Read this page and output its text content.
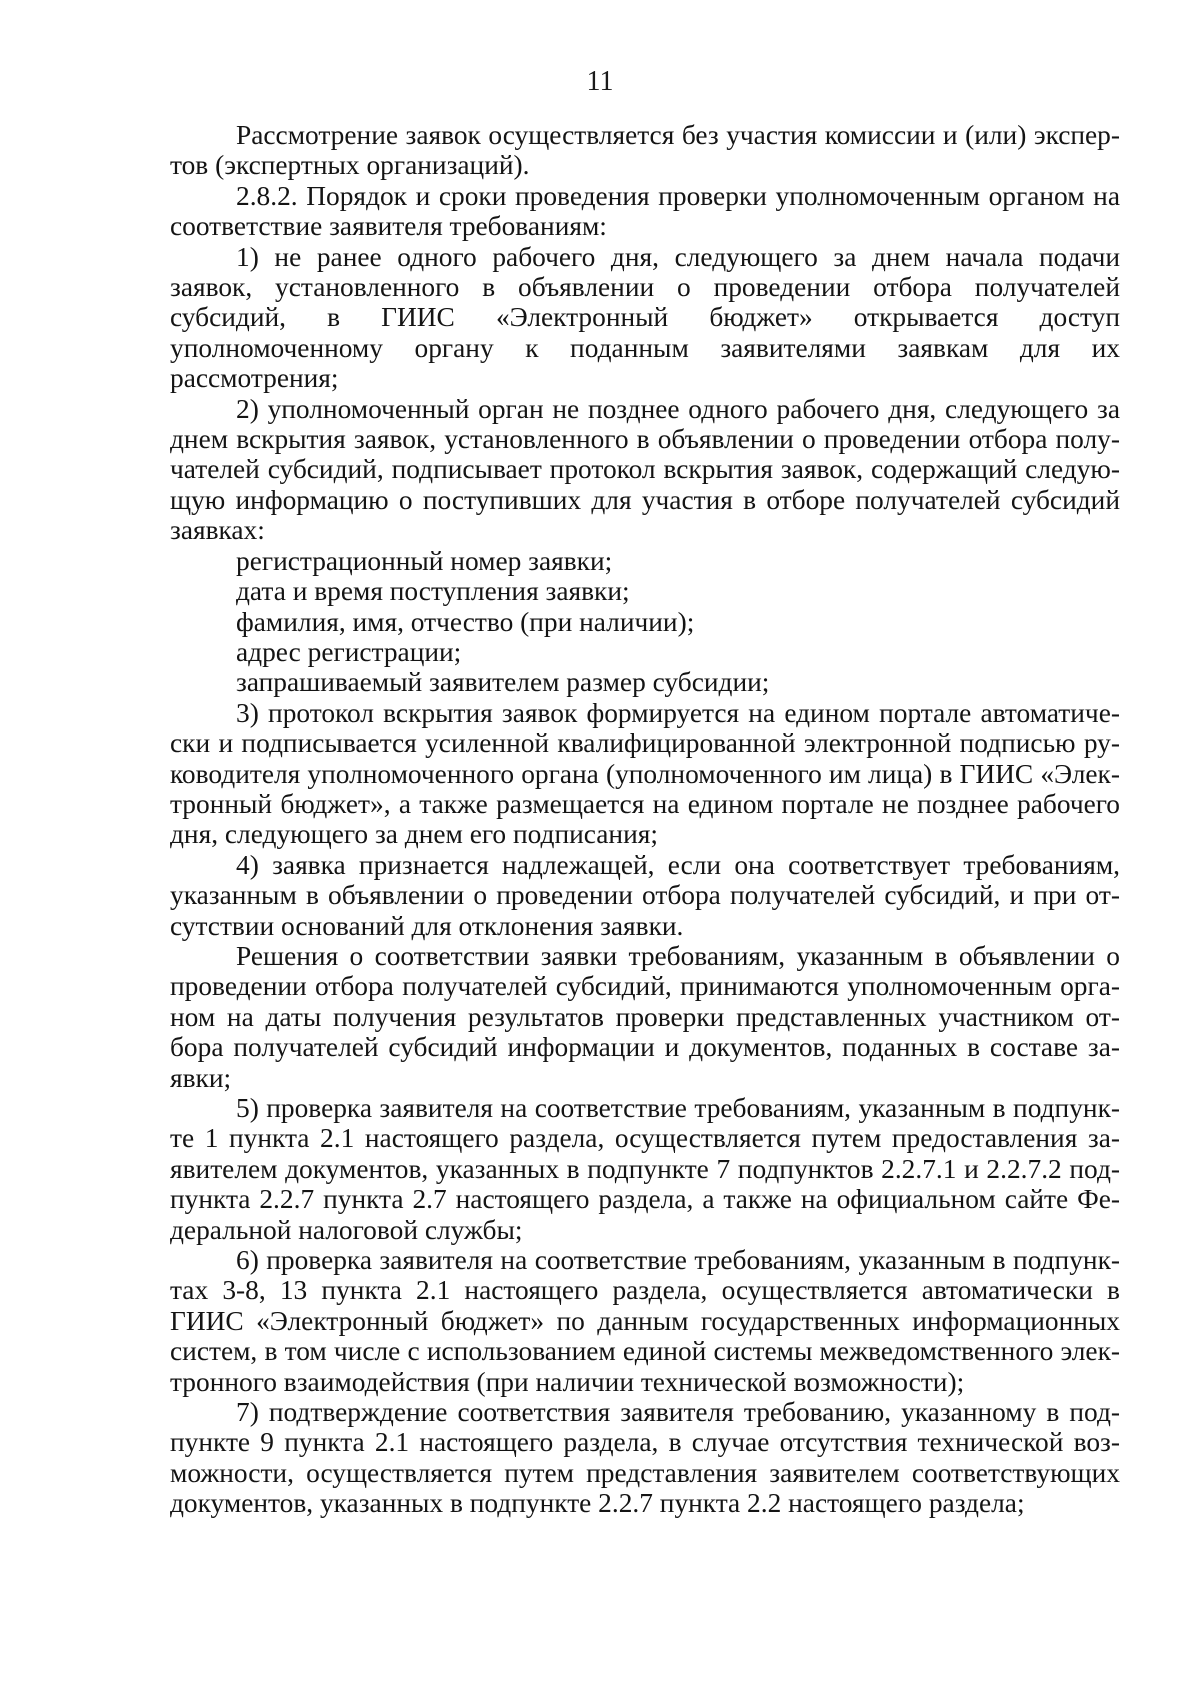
11

Рассмотрение заявок осуществляется без участия комиссии и (или) экспер-тов (экспертных организаций).

2.8.2. Порядок и сроки проведения проверки уполномоченным органом на соответствие заявителя требованиям:

1) не ранее одного рабочего дня, следующего за днем начала подачи заявок, установленного в объявлении о проведении отбора получателей субсидий, в ГИИС «Электронный бюджет» открывается доступ уполномоченному органу к поданным заявителями заявкам для их рассмотрения;

2) уполномоченный орган не позднее одного рабочего дня, следующего за днем вскрытия заявок, установленного в объявлении о проведении отбора полу-чателей субсидий, подписывает протокол вскрытия заявок, содержащий следую-щую информацию о поступивших для участия в отборе получателей субсидий заявках:

регистрационный номер заявки;

дата и время поступления заявки;

фамилия, имя, отчество (при наличии);

адрес регистрации;

запрашиваемый заявителем размер субсидии;

3) протокол вскрытия заявок формируется на едином портале автоматиче-ски и подписывается усиленной квалифицированной электронной подписью ру-ководителя уполномоченного органа (уполномоченного им лица) в ГИИС «Элек-тронный бюджет», а также размещается на едином портале не позднее рабочего дня, следующего за днем его подписания;

4) заявка признается надлежащей, если она соответствует требованиям, указанным в объявлении о проведении отбора получателей субсидий, и при от-сутствии оснований для отклонения заявки.

Решения о соответствии заявки требованиям, указанным в объявлении о проведении отбора получателей субсидий, принимаются уполномоченным орга-ном на даты получения результатов проверки представленных участником от-бора получателей субсидий информации и документов, поданных в составе за-явки;

5) проверка заявителя на соответствие требованиям, указанным в подпунк-те 1 пункта 2.1 настоящего раздела, осуществляется путем предоставления за-явителем документов, указанных в подпункте 7 подпунктов 2.2.7.1 и 2.2.7.2 под-пункта 2.2.7 пункта 2.7 настоящего раздела, а также на официальном сайте Фе-деральной налоговой службы;

6) проверка заявителя на соответствие требованиям, указанным в подпунк-тах 3-8, 13 пункта 2.1 настоящего раздела, осуществляется автоматически в ГИИС «Электронный бюджет» по данным государственных информационных систем, в том числе с использованием единой системы межведомственного элек-тронного взаимодействия (при наличии технической возможности);

7) подтверждение соответствия заявителя требованию, указанному в под-пункте 9 пункта 2.1 настоящего раздела, в случае отсутствия технической воз-можности, осуществляется путем представления заявителем соответствующих документов, указанных в подпункте 2.2.7 пункта 2.2 настоящего раздела;
